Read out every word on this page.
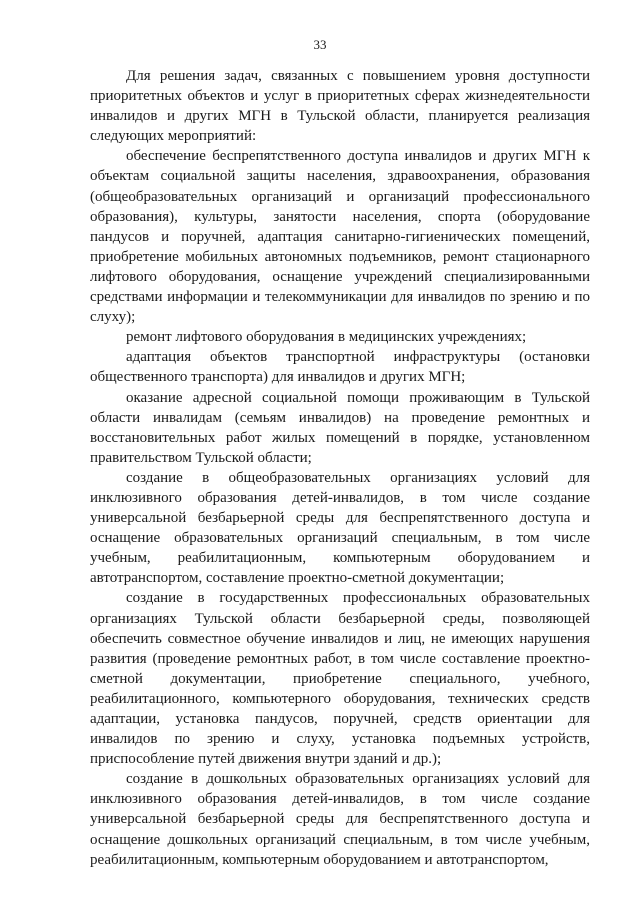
33

Для решения задач, связанных с повышением уровня доступности приоритетных объектов и услуг в приоритетных сферах жизнедеятельности инвалидов и других МГН в Тульской области, планируется реализация следующих мероприятий:

обеспечение беспрепятственного доступа инвалидов и других МГН к объектам социальной защиты населения, здравоохранения, образования (общеобразовательных организаций и организаций профессионального образования), культуры, занятости населения, спорта (оборудование пандусов и поручней, адаптация санитарно-гигиенических помещений, приобретение мобильных автономных подъемников, ремонт стационарного лифтового оборудования, оснащение учреждений специализированными средствами информации и телекоммуникации для инвалидов по зрению и по слуху);

ремонт лифтового оборудования в медицинских учреждениях;

адаптация объектов транспортной инфраструктуры (остановки общественного транспорта) для инвалидов и других МГН;

оказание адресной социальной помощи проживающим в Тульской области инвалидам (семьям инвалидов) на проведение ремонтных и восстановительных работ жилых помещений в порядке, установленном правительством Тульской области;

создание в общеобразовательных организациях условий для инклюзивного образования детей-инвалидов, в том числе создание универсальной безбарьерной среды для беспрепятственного доступа и оснащение образовательных организаций специальным, в том числе учебным, реабилитационным, компьютерным оборудованием и автотранспортом, составление проектно-сметной документации;

создание в государственных профессиональных образовательных организациях Тульской области безбарьерной среды, позволяющей обеспечить совместное обучение инвалидов и лиц, не имеющих нарушения развития (проведение ремонтных работ, в том числе составление проектно-сметной документации, приобретение специального, учебного, реабилитационного, компьютерного оборудования, технических средств адаптации, установка пандусов, поручней, средств ориентации для инвалидов по зрению и слуху, установка подъемных устройств, приспособление путей движения внутри зданий и др.);

создание в дошкольных образовательных организациях условий для инклюзивного образования детей-инвалидов, в том числе создание универсальной безбарьерной среды для беспрепятственного доступа и оснащение дошкольных организаций специальным, в том числе учебным, реабилитационным, компьютерным оборудованием и автотранспортом,
